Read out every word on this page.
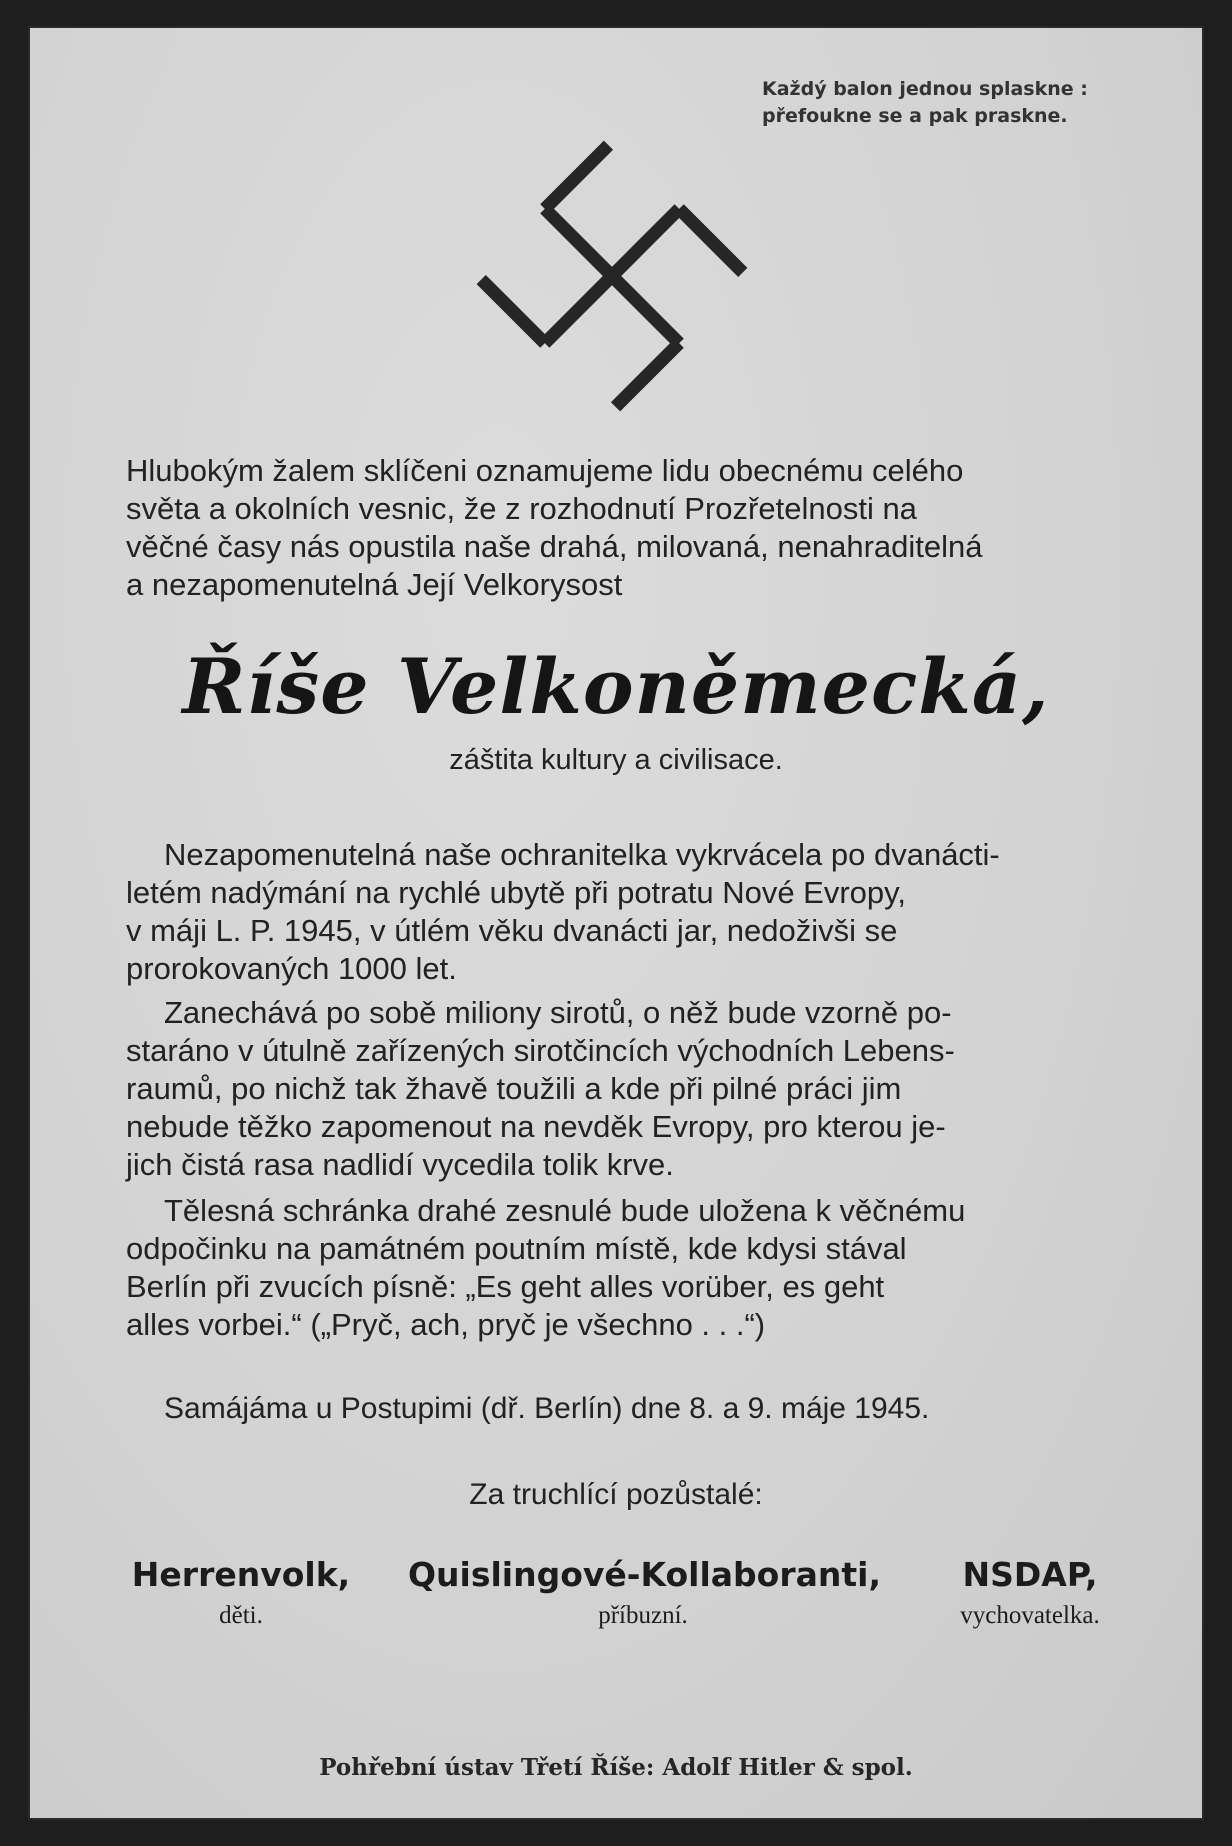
Každý balon jednou splaskne :
přefoukne se a pak praskne.
Hlubokým žalem sklíčeni oznamujeme lidu obecnému celého
světa a okolních vesnic, že z rozhodnutí Prozřetelnosti na
věčné časy nás opustila naše drahá, milovaná, nenahraditelná
a nezapomenutelná Její Velkorysost
Říše Velkoněmecká,
záštita kultury a civilisace.
Nezapomenutelná naše ochranitelka vykrvácela po dvanácti-
letém nadýmání na rychlé ubytě při potratu Nové Evropy,
v máji L. P. 1945, v útlém věku dvanácti jar, nedoživši se
prorokovaných 1000 let.
Zanechává po sobě miliony sirotů, o něž bude vzorně po-
staráno v útulně zařízených sirotčincích východních Lebens-
raumů, po nichž tak žhavě toužili a kde při pilné práci jim
nebude těžko zapomenout na nevděk Evropy, pro kterou je-
jich čistá rasa nadlidí vycedila tolik krve.
Tělesná schránka drahé zesnulé bude uložena k věčnému
odpočinku na památném poutním místě, kde kdysi stával
Berlín při zvucích písně: „Es geht alles vorüber, es geht
alles vorbei.“ („Pryč, ach, pryč je všechno . . .“)
Samájáma u Postupimi (dř. Berlín) dne 8. a 9. máje 1945.
Za truchlící pozůstalé:
Herrenvolk,
děti.
Quislingové-Kollaboranti,
příbuzní.
NSDAP,
vychovatelka.
Pohřební ústav Třetí Říše: Adolf Hitler & spol.
